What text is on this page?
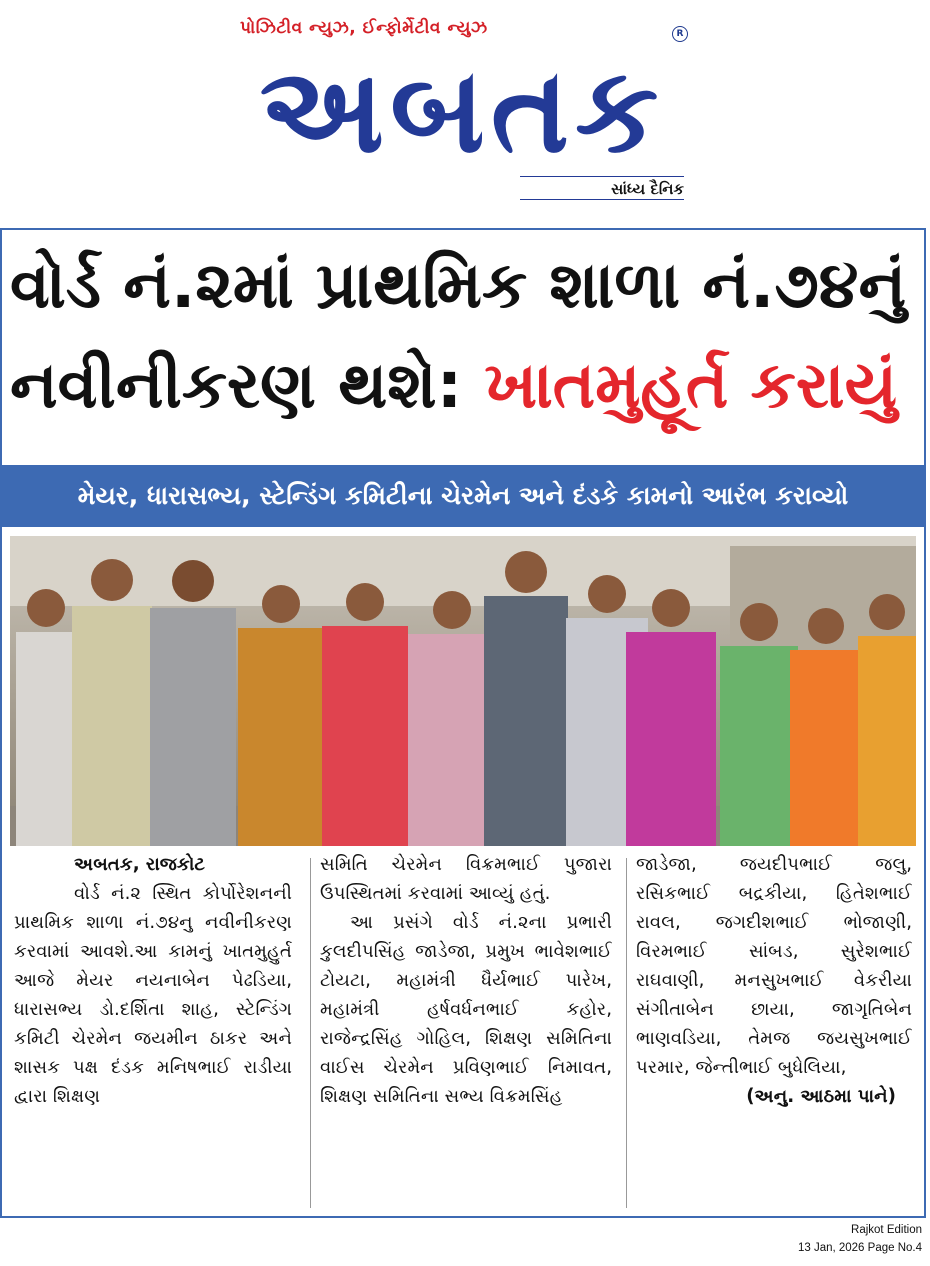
પોઝિટીવ ન્યુઝ, ઈન્ફોર્મેટીવ ન્યુઝ	R
અબતક
સાંધ્ય દૈનિક
વોર્ડ નં.૨માં પ્રાથમિક શાળા નં.૭૪નું
નવીનીકરણ થશે: ખાતમુહૂર્ત કરાયું
મેયર, ધારાસભ્ય, સ્ટેન્ડિંગ કમિટીના ચેરમેન અને દંડકે કામનો આરંભ કરાવ્યો
અબતક, રાજકોટ

વોર્ડ નં.૨ સ્થિત કોર્પોરેશનની પ્રાથમિક શાળા નં.૭૪નુ નવીનીકરણ કરવામાં આવશે.આ કામનું ખાતમુહુર્ત આજે મેયર નયનાબેન પેઢડિયા, ધારાસભ્ય ડો.દર્શિતા શાહ, સ્ટેન્ડિંગ કમિટી ચેરમેન જયમીન ઠાકર અને શાસક પક્ષ દંડક મનિષભાઈ રાડીયા દ્વારા શિક્ષણ

સમિતિ ચેરમેન વિક્રમભાઈ પુજારા ઉપસ્થિતમાં કરવામાં આવ્યું હતું.

આ પ્રસંગે વોર્ડ નં.૨ના પ્રભારી કુલદીપસિંહ જાડેજા, પ્રમુખ ભાવેશભાઈ ટોયટા, મહામંત્રી ધૈર્યભાઈ પારેખ, મહામંત્રી હર્ષવર્ધનભાઈ કહોર, રાજેન્દ્રસિંહ ગોહિલ, શિક્ષણ સમિતિના વાઈસ ચેરમેન પ્રવિણભાઈ નિમાવત, શિક્ષણ સમિતિના સભ્ય વિક્રમસિંહ

જાડેજા, જયદીપભાઈ જલુ, રસિકભાઈ બદ્રકીયા, હિતેશભાઈ રાવલ, જગદીશભાઈ ભોજાણી, વિરમભાઈ સાંબડ, સુરેશભાઈ રાઘવાણી, મનસુખભાઈ વેકરીયા સંગીતાબેન છાયા, જાગૃતિબેન ભાણવડિયા, તેમજ જયસુખભાઈ પરમાર, જેન્તીભાઈ બુધેલિયા,

(અનુ. આઠમા પાને)
Rajkot Edition
13 Jan, 2026 Page No.4
